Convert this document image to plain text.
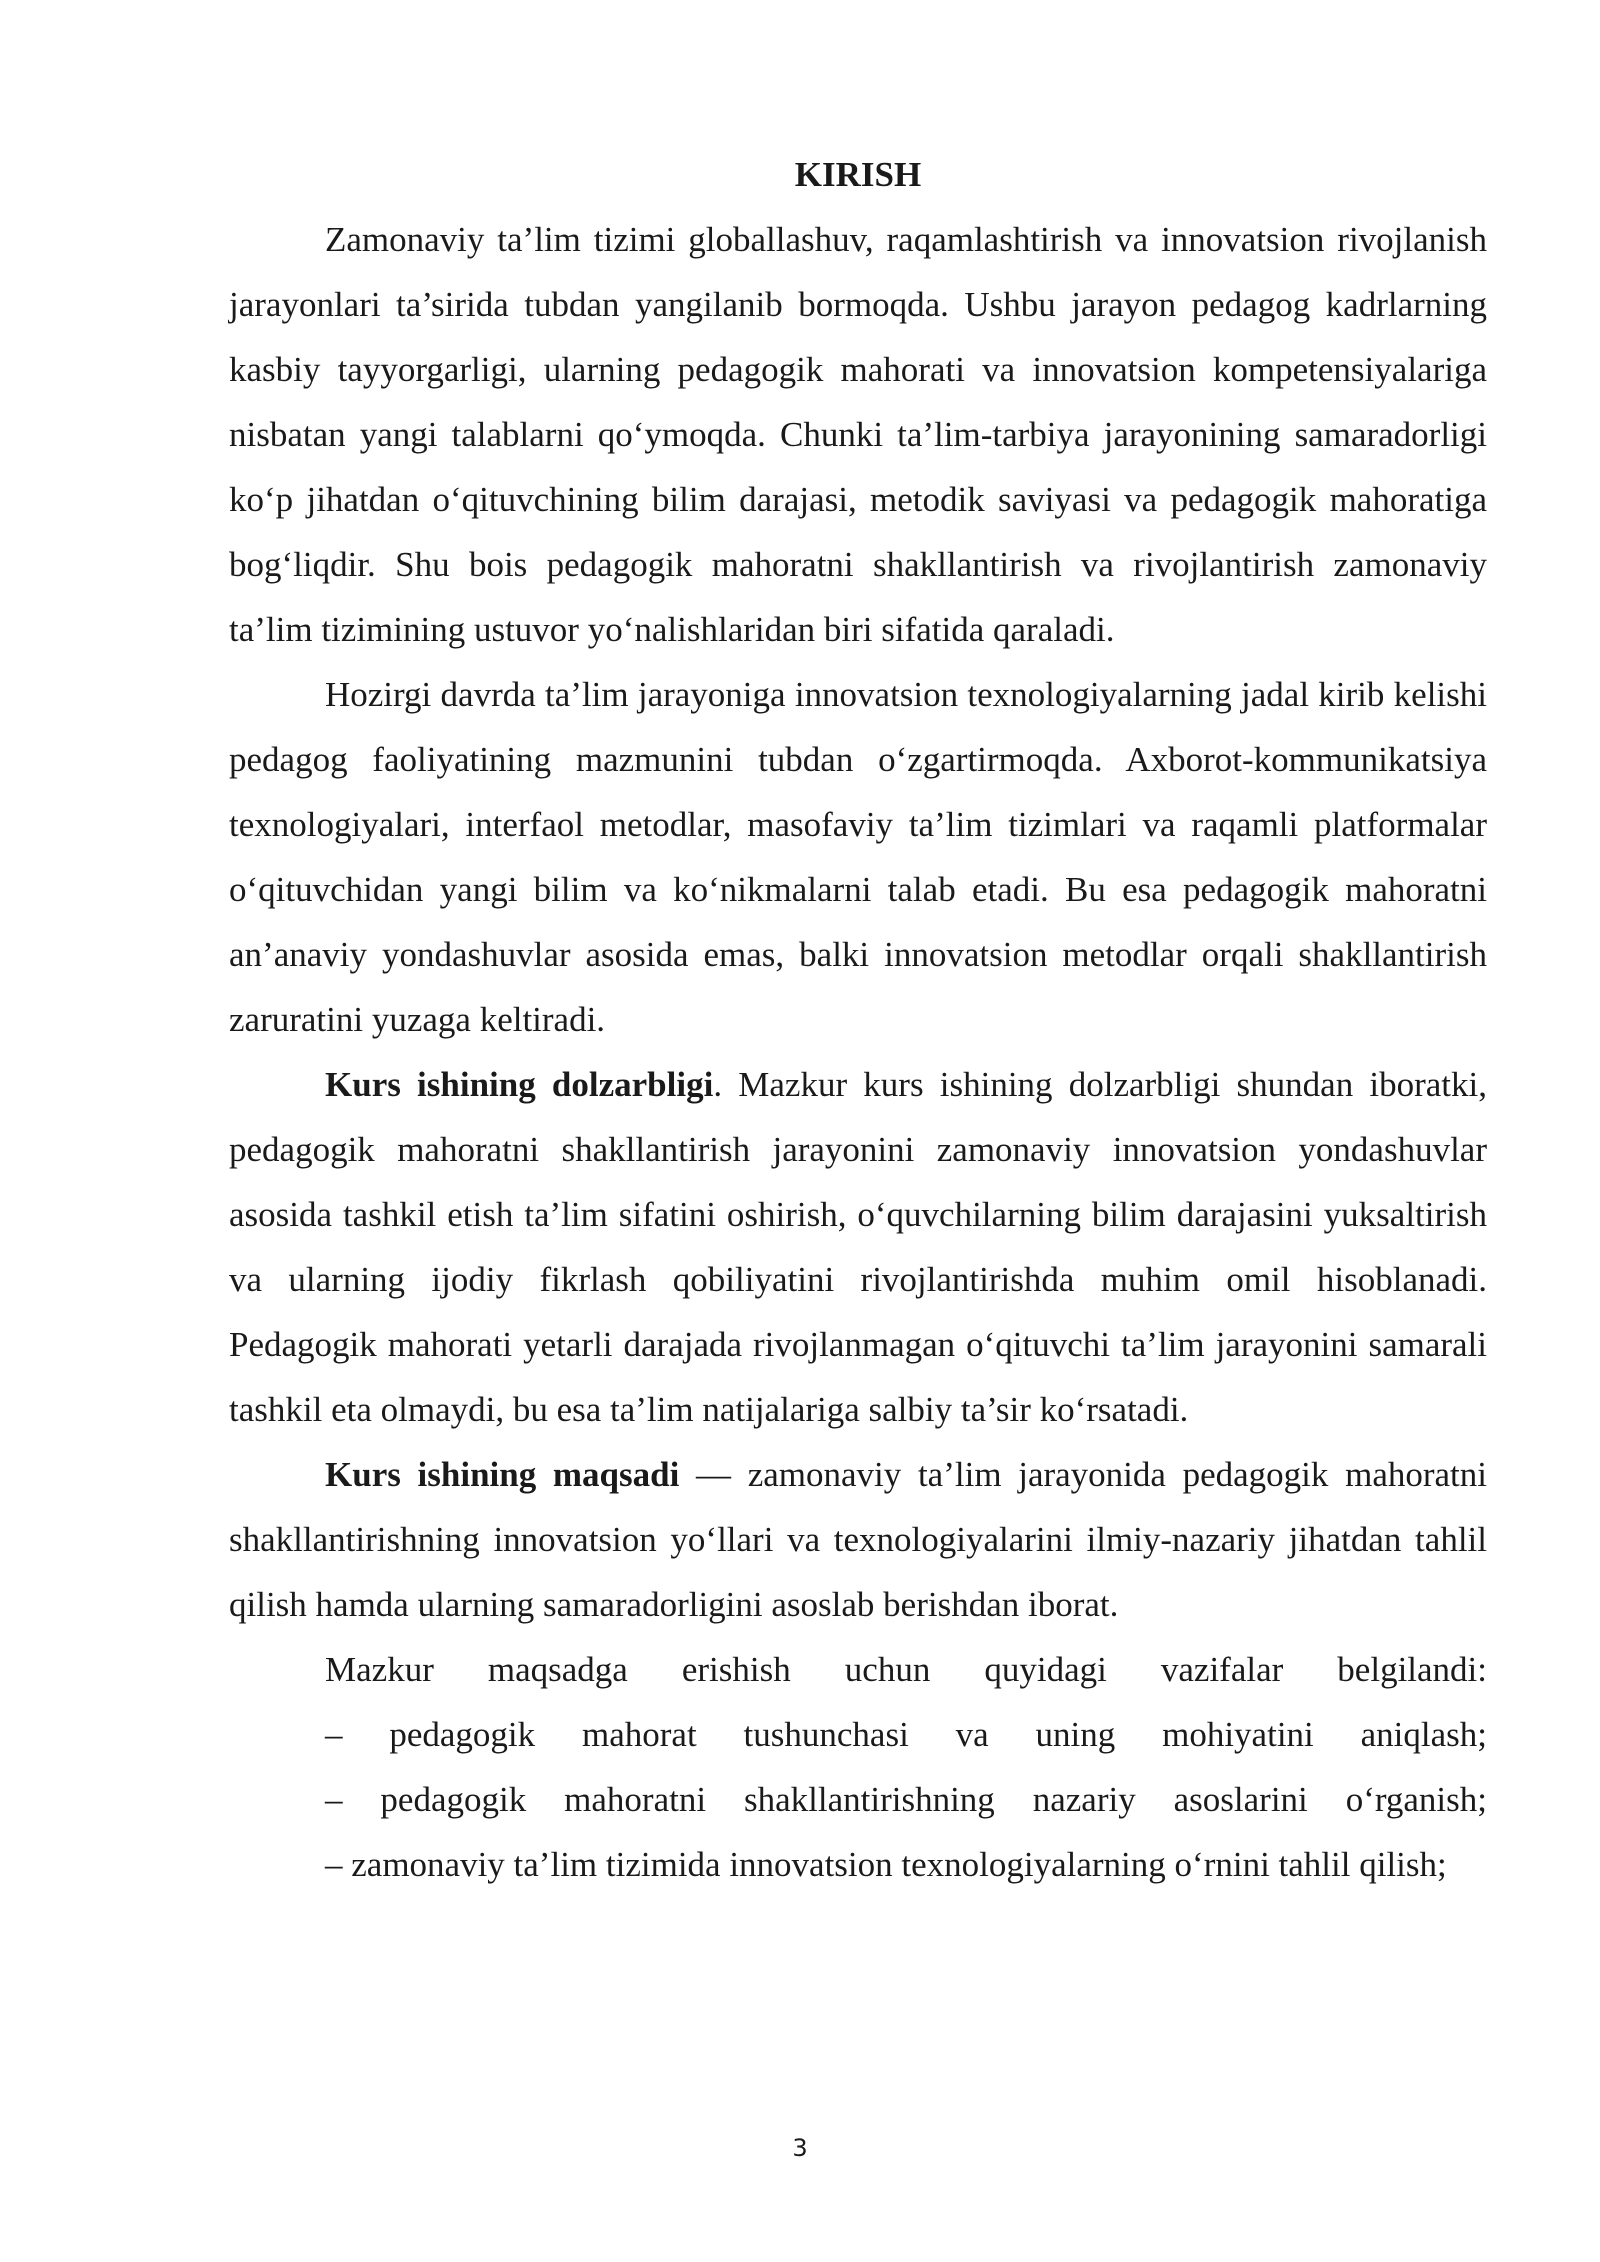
KIRISH

Zamonaviy ta’lim tizimi globallashuv, raqamlashtirish va innovatsion rivojlanish jarayonlari ta’sirida tubdan yangilanib bormoqda. Ushbu jarayon pedagog kadrlarning kasbiy tayyorgarligi, ularning pedagogik mahorati va innovatsion kompetensiyalariga nisbatan yangi talablarni qo‘ymoqda. Chunki ta’lim-tarbiya jarayonining samaradorligi ko‘p jihatdan o‘qituvchining bilim darajasi, metodik saviyasi va pedagogik mahoratiga bog‘liqdir. Shu bois pedagogik mahoratni shakllantirish va rivojlantirish zamonaviy ta’lim tizimining ustuvor yo‘nalishlaridan biri sifatida qaraladi.

Hozirgi davrda ta’lim jarayoniga innovatsion texnologiyalarning jadal kirib kelishi pedagog faoliyatining mazmunini tubdan o‘zgartirmoqda. Axborot-kommunikatsiya texnologiyalari, interfaol metodlar, masofaviy ta’lim tizimlari va raqamli platformalar o‘qituvchidan yangi bilim va ko‘nikmalarni talab etadi. Bu esa pedagogik mahoratni an’anaviy yondashuvlar asosida emas, balki innovatsion metodlar orqali shakllantirish zaruratini yuzaga keltiradi.

Kurs ishining dolzarbligi. Mazkur kurs ishining dolzarbligi shundan iboratki, pedagogik mahoratni shakllantirish jarayonini zamonaviy innovatsion yondashuvlar asosida tashkil etish ta’lim sifatini oshirish, o‘quvchilarning bilim darajasini yuksaltirish va ularning ijodiy fikrlash qobiliyatini rivojlantirishda muhim omil hisoblanadi. Pedagogik mahorati yetarli darajada rivojlanmagan o‘qituvchi ta’lim jarayonini samarali tashkil eta olmaydi, bu esa ta’lim natijalariga salbiy ta’sir ko‘rsatadi.

Kurs ishining maqsadi — zamonaviy ta’lim jarayonida pedagogik mahoratni shakllantirishning innovatsion yo‘llari va texnologiyalarini ilmiy-nazariy jihatdan tahlil qilish hamda ularning samaradorligini asoslab berishdan iborat.

Mazkur maqsadga erishish uchun quyidagi vazifalar belgilandi:
– pedagogik mahorat tushunchasi va uning mohiyatini aniqlash;
– pedagogik mahoratni shakllantirishning nazariy asoslarini o‘rganish;
– zamonaviy ta’lim tizimida innovatsion texnologiyalarning o‘rnini tahlil qilish;
3
